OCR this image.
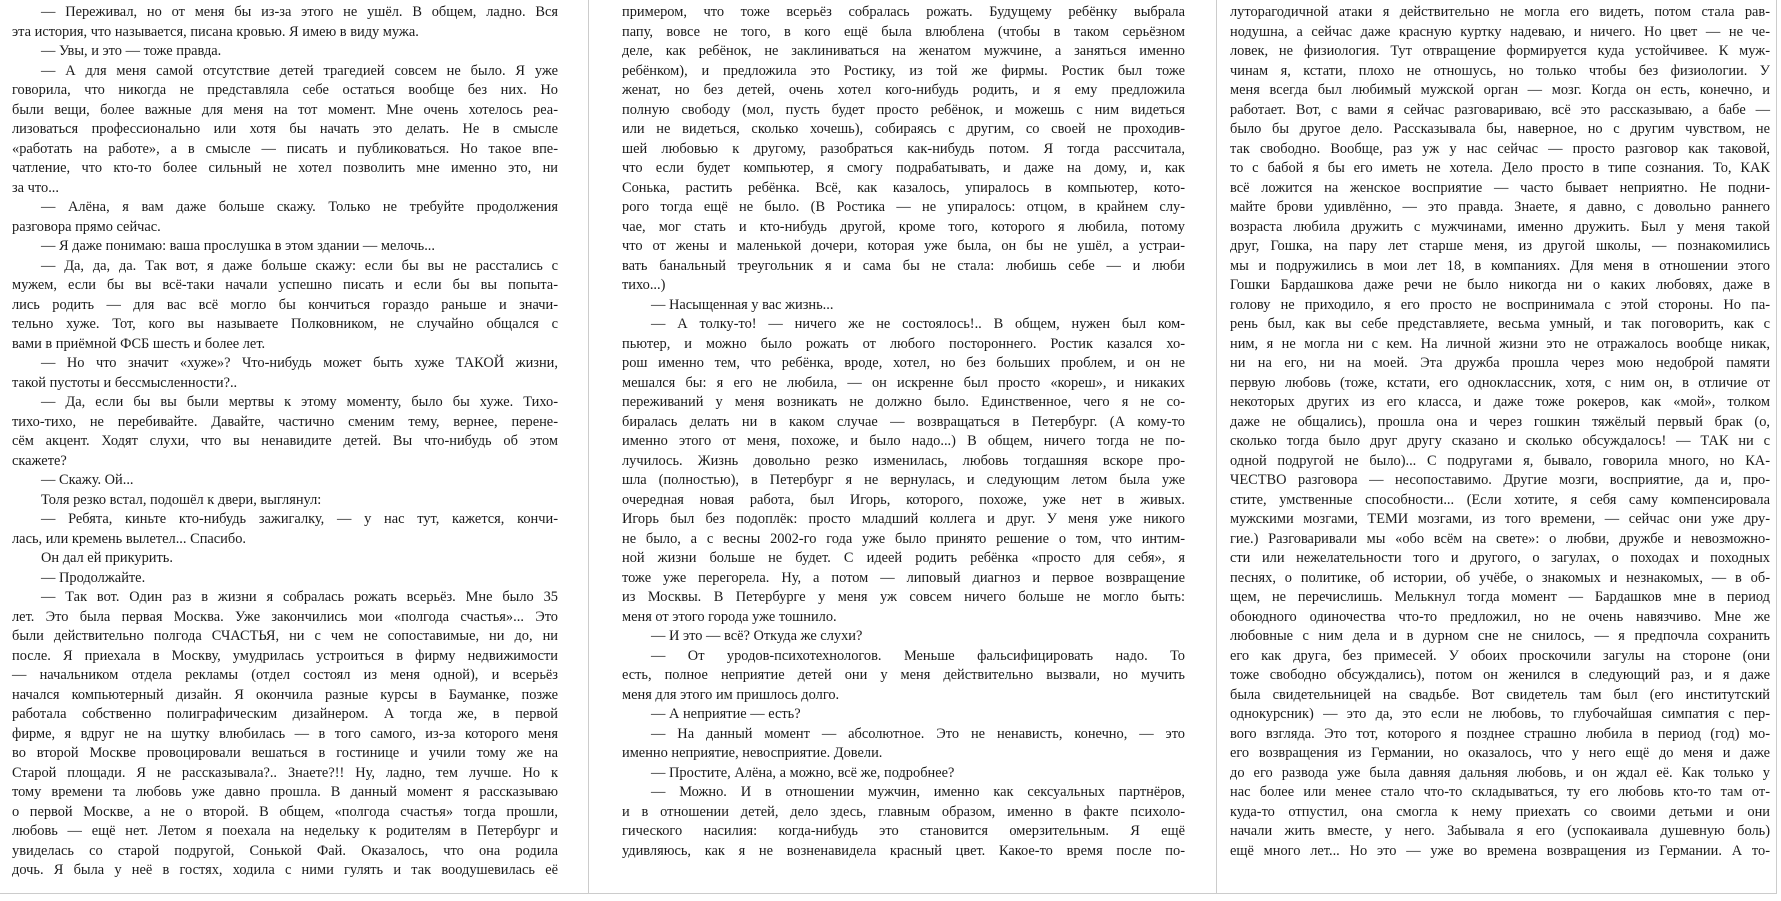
— Переживал, но от меня бы из-за этого не ушёл. В общем, ладно. Вся
эта история, что называется, писана кровью. Я имею в виду мужа.
— Увы, и это — тоже правда.
— А для меня самой отсутствие детей трагедией совсем не было. Я уже
говорила, что никогда не представляла себе остаться вообще без них. Но
были вещи, более важные для меня на тот момент. Мне очень хотелось реа-
лизоваться профессионально или хотя бы начать это делать. Не в смысле
«работать на работе», а в смысле — писать и публиковаться. Но такое впе-
чатление, что кто-то более сильный не хотел позволить мне именно это, ни
за что...
— Алёна, я вам даже больше скажу. Только не требуйте продолжения
разговора прямо сейчас.
— Я даже понимаю: ваша прослушка в этом здании — мелочь...
— Да, да, да. Так вот, я даже больше скажу: если бы вы не расстались с
мужем, если бы вы всё-таки начали успешно писать и если бы вы попыта-
лись родить — для вас всё могло бы кончиться гораздо раньше и значи-
тельно хуже. Тот, кого вы называете Полковником, не случайно общался с
вами в приёмной ФСБ шесть и более лет.
— Но что значит «хуже»? Что-нибудь может быть хуже ТАКОЙ жизни,
такой пустоты и бессмысленности?..
— Да, если бы вы были мертвы к этому моменту, было бы хуже. Тихо-
тихо-тихо, не перебивайте. Давайте, частично сменим тему, вернее, перене-
сём акцент. Ходят слухи, что вы ненавидите детей. Вы что-нибудь об этом
скажете?
— Скажу. Ой...
Толя резко встал, подошёл к двери, выглянул:
— Ребята, киньте кто-нибудь зажигалку, — у нас тут, кажется, кончи-
лась, или кремень вылетел... Спасибо.
Он дал ей прикурить.
— Продолжайте.
— Так вот. Один раз в жизни я собралась рожать всерьёз. Мне было 35
лет. Это была первая Москва. Уже закончились мои «полгода счастья»... Это
были действительно полгода СЧАСТЬЯ, ни с чем не сопоставимые, ни до, ни
после. Я приехала в Москву, умудрилась устроиться в фирму недвижимости
— начальником отдела рекламы (отдел состоял из меня одной), и всерьёз
начался компьютерный дизайн. Я окончила разные курсы в Бауманке, позже
работала собственно полиграфическим дизайнером. А тогда же, в первой
фирме, я вдруг не на шутку влюбилась — в того самого, из-за которого меня
во второй Москве провоцировали вешаться в гостинице и учили тому же на
Старой площади. Я не рассказывала?.. Знаете?!! Ну, ладно, тем лучше. Но к
тому времени та любовь уже давно прошла. В данный момент я рассказываю
о первой Москве, а не о второй. В общем, «полгода счастья» тогда прошли,
любовь — ещё нет. Летом я поехала на недельку к родителям в Петербург и
увиделась со старой подругой, Сонькой Фай. Оказалось, что она родила
дочь. Я была у неё в гостях, ходила с ними гулять и так воодушевилась её
примером, что тоже всерьёз собралась рожать. Будущему ребёнку выбрала
папу, вовсе не того, в кого ещё была влюблена (чтобы в таком серьёзном
деле, как ребёнок, не заклиниваться на женатом мужчине, а заняться именно
ребёнком), и предложила это Ростику, из той же фирмы. Ростик был тоже
женат, но без детей, очень хотел кого-нибудь родить, и я ему предложила
полную свободу (мол, пусть будет просто ребёнок, и можешь с ним видеться
или не видеться, сколько хочешь), собираясь с другим, со своей не проходив-
шей любовью к другому, разобраться как-нибудь потом. Я тогда рассчитала,
что если будет компьютер, я смогу подрабатывать, и даже на дому, и, как
Сонька, растить ребёнка. Всё, как казалось, упиралось в компьютер, кото-
рого тогда ещё не было. (В Ростика — не упиралось: отцом, в крайнем слу-
чае, мог стать и кто-нибудь другой, кроме того, которого я любила, потому
что от жены и маленькой дочери, которая уже была, он бы не ушёл, а устраи-
вать банальный треугольник я и сама бы не стала: любишь себе — и люби
тихо...)
— Насыщенная у вас жизнь...
— А толку-то! — ничего же не состоялось!.. В общем, нужен был ком-
пьютер, и можно было рожать от любого постороннего. Ростик казался хо-
рош именно тем, что ребёнка, вроде, хотел, но без больших проблем, и он не
мешался бы: я его не любила, — он искренне был просто «кореш», и никаких
переживаний у меня возникать не должно было. Единственное, чего я не со-
биралась делать ни в каком случае — возвращаться в Петербург. (А кому-то
именно этого от меня, похоже, и было надо...) В общем, ничего тогда не по-
лучилось. Жизнь довольно резко изменилась, любовь тогдашняя вскоре про-
шла (полностью), в Петербург я не вернулась, и следующим летом была уже
очередная новая работа, был Игорь, которого, похоже, уже нет в живых.
Игорь был без подоплёк: просто младший коллега и друг. У меня уже никого
не было, а с весны 2002-го года уже было принято решение о том, что интим-
ной жизни больше не будет. С идеей родить ребёнка «просто для себя», я
тоже уже перегорела. Ну, а потом — липовый диагноз и первое возвращение
из Москвы. В Петербурге у меня уж совсем ничего больше не могло быть:
меня от этого города уже тошнило.
— И это — всё? Откуда же слухи?
— От уродов-психотехнологов. Меньше фальсифицировать надо. То
есть, полное неприятие детей они у меня действительно вызвали, но мучить
меня для этого им пришлось долго.
— А неприятие — есть?
— На данный момент — абсолютное. Это не ненависть, конечно, — это
именно неприятие, невосприятие. Довели.
— Простите, Алёна, а можно, всё же, подробнее?
— Можно. И в отношении мужчин, именно как сексуальных партнёров,
и в отношении детей, дело здесь, главным образом, именно в факте психоло-
гического насилия: когда-нибудь это становится омерзительным. Я ещё
удивляюсь, как я не возненавидела красный цвет. Какое-то время после по-
луторагодичной атаки я действительно не могла его видеть, потом стала рав-
нодушна, а сейчас даже красную куртку надеваю, и ничего. Но цвет — не че-
ловек, не физиология. Тут отвращение формируется куда устойчивее. К муж-
чинам я, кстати, плохо не отношусь, но только чтобы без физиологии. У
меня всегда был любимый мужской орган — мозг. Когда он есть, конечно, и
работает. Вот, с вами я сейчас разговариваю, всё это рассказываю, а бабе —
было бы другое дело. Рассказывала бы, наверное, но с другим чувством, не
так свободно. Вообще, раз уж у нас сейчас — просто разговор как таковой,
то с бабой я бы его иметь не хотела. Дело просто в типе сознания. То, КАК
всё ложится на женское восприятие — часто бывает неприятно. Не подни-
майте брови удивлённо, — это правда. Знаете, я давно, с довольно раннего
возраста любила дружить с мужчинами, именно дружить. Был у меня такой
друг, Гошка, на пару лет старше меня, из другой школы, — познакомились
мы и подружились в мои лет 18, в компаниях. Для меня в отношении этого
Гошки Бардашкова даже речи не было никогда ни о каких любовях, даже в
голову не приходило, я его просто не воспринимала с этой стороны. Но па-
рень был, как вы себе представляете, весьма умный, и так поговорить, как с
ним, я не могла ни с кем. На личной жизни это не отражалось вообще никак,
ни на его, ни на моей. Эта дружба прошла через мою недоброй памяти
первую любовь (тоже, кстати, его одноклассник, хотя, с ним он, в отличие от
некоторых других из его класса, и даже тоже рокеров, как «мой», толком
даже не общались), прошла она и через гошкин тяжёлый первый брак (о,
сколько тогда было друг другу сказано и сколько обсуждалось! — ТАК ни с
одной подругой не было)... С подругами я, бывало, говорила много, но КА-
ЧЕСТВО разговора — несопоставимо. Другие мозги, восприятие, да и, про-
стите, умственные способности... (Если хотите, я себя саму компенсировала
мужскими мозгами, ТЕМИ мозгами, из того времени, — сейчас они уже дру-
гие.) Разговаривали мы «обо всём на свете»: о любви, дружбе и невозможно-
сти или нежелательности того и другого, о загулах, о походах и походных
песнях, о политике, об истории, об учёбе, о знакомых и незнакомых, — в об-
щем, не перечислишь. Мелькнул тогда момент — Бардашков мне в период
обоюдного одиночества что-то предложил, но не очень навязчиво. Мне же
любовные с ним дела и в дурном сне не снилось, — я предпочла сохранить
его как друга, без примесей. У обоих проскочили загулы на стороне (они
тоже свободно обсуждались), потом он женился в следующий раз, и я даже
была свидетельницей на свадьбе. Вот свидетель там был (его институтский
однокурсник) — это да, это если не любовь, то глубочайшая симпатия с пер-
вого взгляда. Это тот, которого я позднее страшно любила в период (год) мо-
его возвращения из Германии, но оказалось, что у него ещё до меня и даже
до его развода уже была давняя дальняя любовь, и он ждал её. Как только у
нас более или менее стало что-то складываться, ту его любовь кто-то там от-
куда-то отпустил, она смогла к нему приехать со своими детьми и они
начали жить вместе, у него. Забывала я его (успокаивала душевную боль)
ещё много лет... Но это — уже во времена возвращения из Германии. А то-
